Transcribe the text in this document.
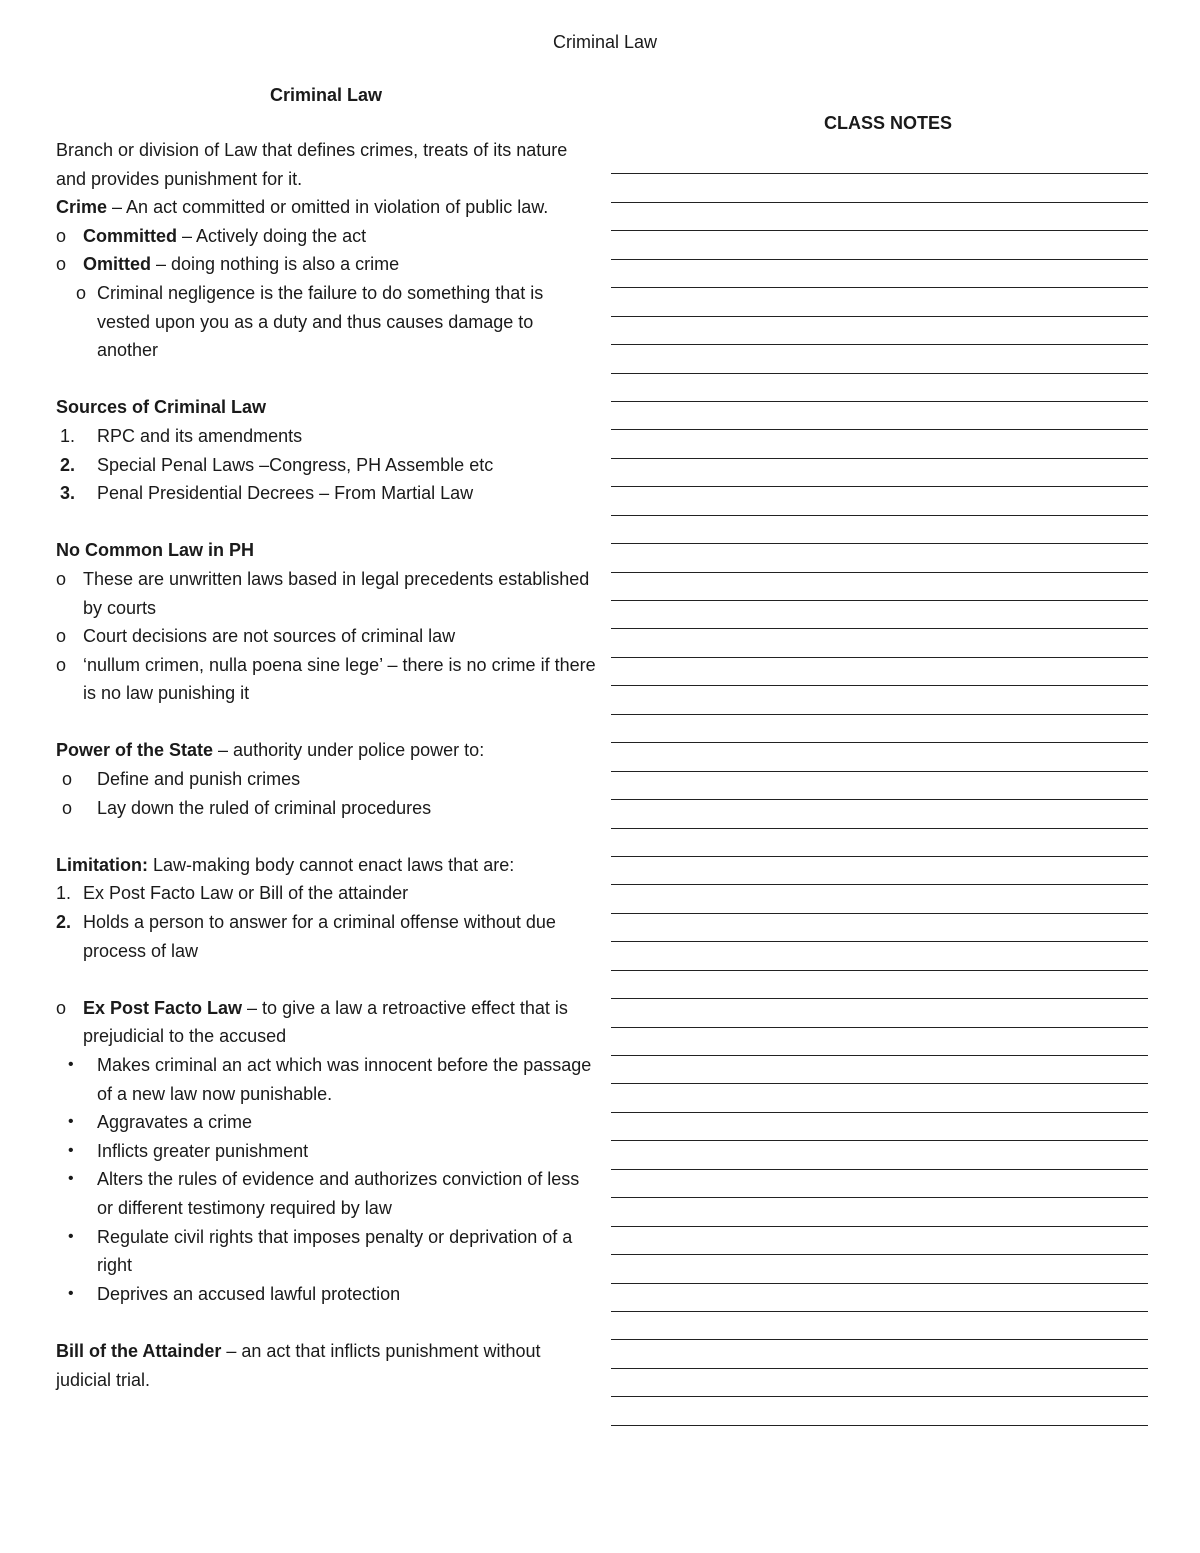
Criminal Law
Criminal Law
CLASS NOTES

Branch or division of Law that defines crimes, treats of its nature and provides punishment for it.

Crime – An act committed or omitted in violation of public law.

o Committed – Actively doing the act
o Omitted – doing nothing is also a crime
o Criminal negligence is the failure to do something that is vested upon you as a duty and thus causes damage to another

Sources of Criminal Law

1. RPC and its amendments
2. Special Penal Laws –Congress, PH Assemble etc
3. Penal Presidential Decrees – From Martial Law

No Common Law in PH

o These are unwritten laws based in legal precedents established by courts
o Court decisions are not sources of criminal law
o ‘nullum crimen, nulla poena sine lege’ – there is no crime if there is no law punishing it

Power of the State – authority under police power to:

o Define and punish crimes
o Lay down the ruled of criminal procedures

Limitation: Law-making body cannot enact laws that are:

1. Ex Post Facto Law or Bill of the attainder
2. Holds a person to answer for a criminal offense without due process of law
o Ex Post Facto Law – to give a law a retroactive effect that is prejudicial to the accused
• Makes criminal an act which was innocent before the passage of a new law now punishable.
• Aggravates a crime
• Inflicts greater punishment
• Alters the rules of evidence and authorizes conviction of less or different testimony required by law
• Regulate civil rights that imposes penalty or deprivation of a right
• Deprives an accused lawful protection

Bill of the Attainder – an act that inflicts punishment without judicial trial.
